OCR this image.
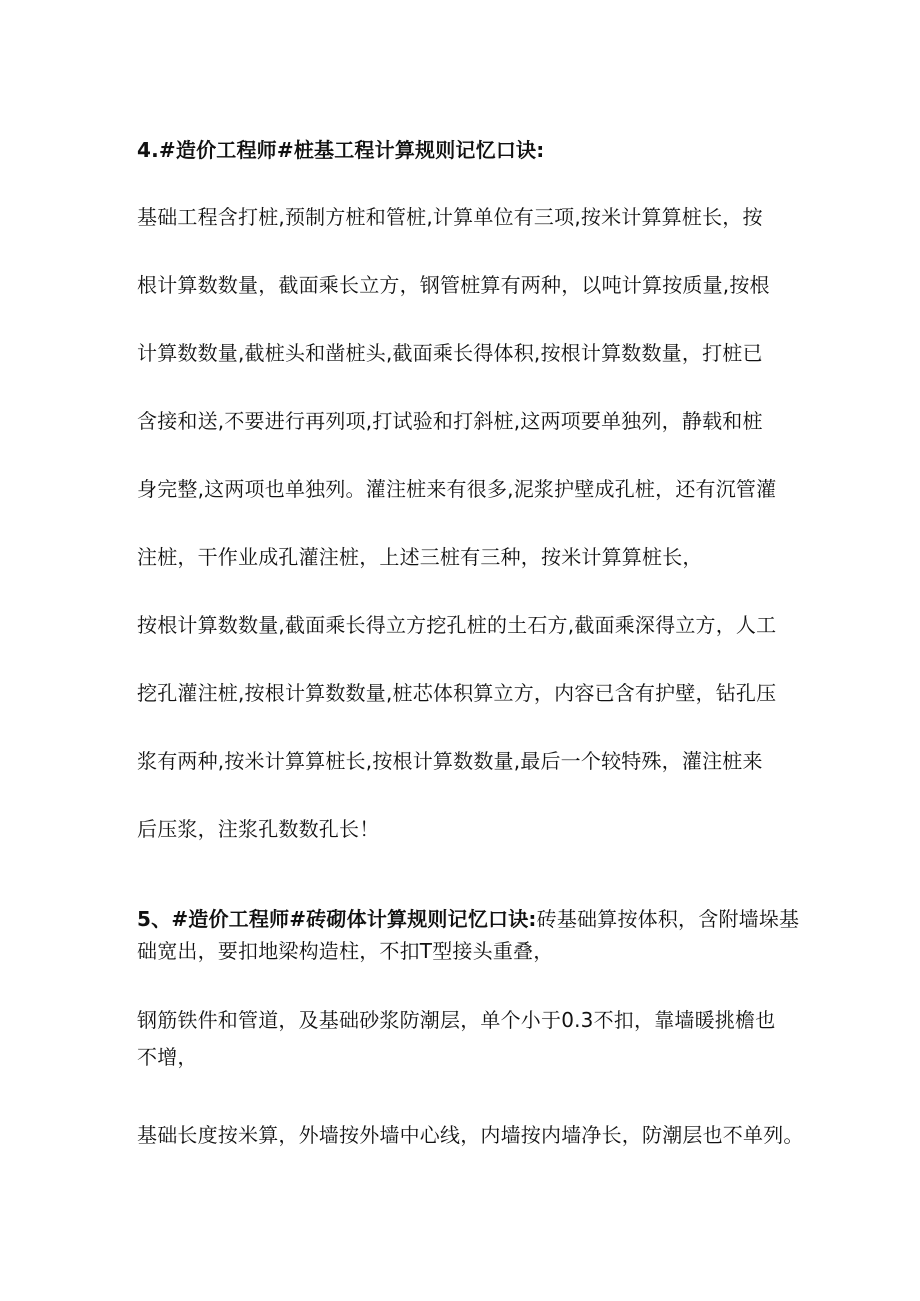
4.#造价工程师#桩基工程计算规则记忆口诀:
基础工程含打桩,预制方桩和管桩,计算单位有三项,按米计算算桩长，按
根计算数数量，截面乘长立方，钢管桩算有两种，以吨计算按质量,按根
计算数数量,截桩头和凿桩头,截面乘长得体积,按根计算数数量，打桩已
含接和送,不要进行再列项,打试验和打斜桩,这两项要单独列，静载和桩
身完整,这两项也单独列。灌注桩来有很多,泥浆护壁成孔桩，还有沉管灌
注桩，干作业成孔灌注桩，上述三桩有三种，按米计算算桩长，
按根计算数数量,截面乘长得立方挖孔桩的土石方,截面乘深得立方，人工
挖孔灌注桩,按根计算数数量,桩芯体积算立方，内容已含有护壁，钻孔压
浆有两种,按米计算算桩长,按根计算数数量,最后一个较特殊，灌注桩来
后压浆，注浆孔数数孔长！
5、#造价工程师#砖砌体计算规则记忆口诀:砖基础算按体积，含附墙垛基
础宽出，要扣地梁构造柱，不扣T型接头重叠，
钢筋铁件和管道，及基础砂浆防潮层，单个小于0.3不扣，靠墙暖挑檐也
不增，
基础长度按米算，外墙按外墙中心线，内墙按内墙净长，防潮层也不单列。
